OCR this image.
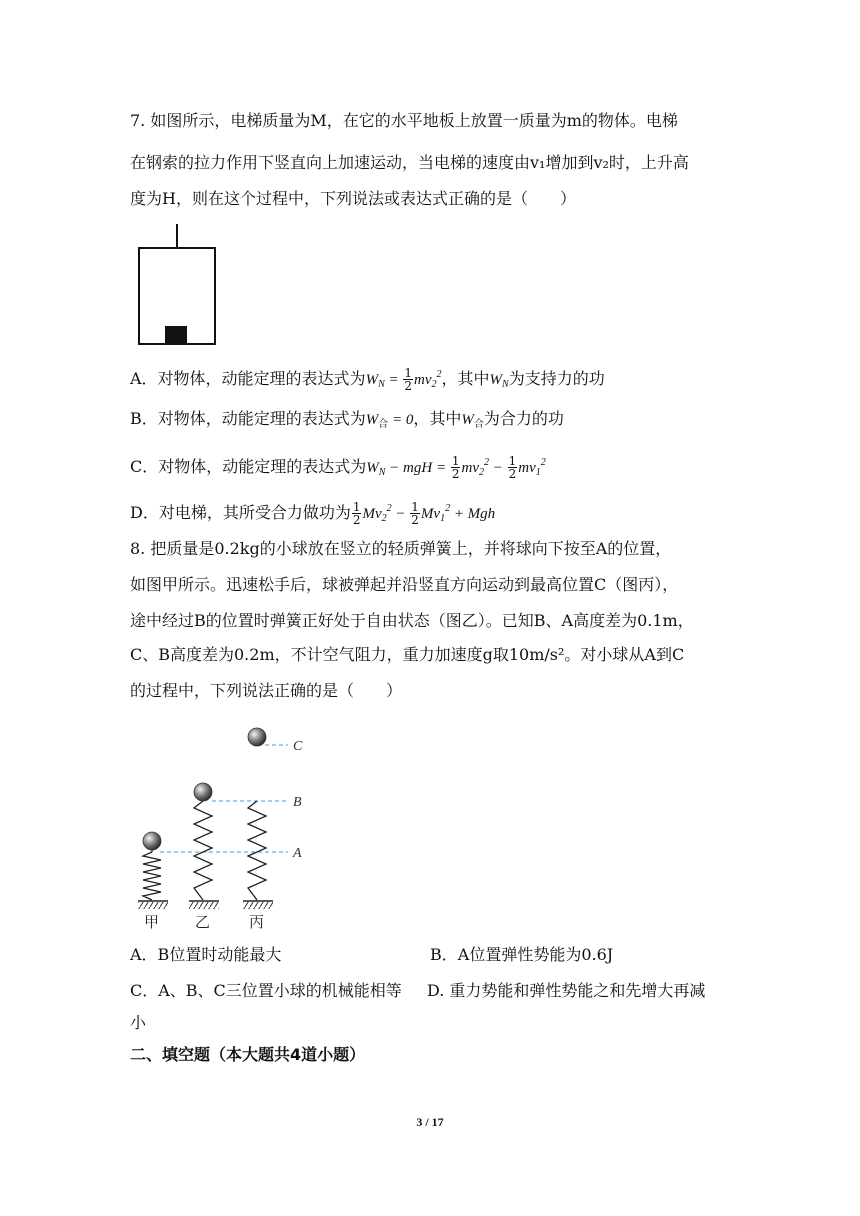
7. 如图所示，电梯质量为M，在它的水平地板上放置一质量为m的物体。电梯
在钢索的拉力作用下竖直向上加速运动，当电梯的速度由v₁增加到v₂时，上升高
度为H，则在这个过程中，下列说法或表达式正确的是（　　）
A．对物体，动能定理的表达式为$W_N = \frac{1}{2} mv_2^2$，其中$W_N$为支持力的功
B．对物体，动能定理的表达式为$W_合 = 0$，其中$W_合$为合力的功
C．对物体，动能定理的表达式为$W_N$ − mgH = $\frac{1}{2} mv_2^2 - \frac{1}{2} mv_1^2$
D．对电梯，其所受合力做功为 $\frac{1}{2} Mv_2^2 - \frac{1}{2} Mv_1^2$ + Mgh
8. 把质量是0.2kg的小球放在竖立的轻质弹簧上，并将球向下按至A的位置，
如图甲所示。迅速松手后，球被弹起并沿竖直方向运动到最高位置C（图丙），
途中经过B的位置时弹簧正好处于自由状态（图乙）。已知B、A高度差为0.1m，
C、B高度差为0.2m，不计空气阻力，重力加速度g取10m/s²。对小球从A到C
的过程中，下列说法正确的是（　　）
C
B
A
甲 乙	丙
A．B位置时动能最大	B．A位置弹性势能为0.6J
C．A、B、C三位置小球的机械能相等 D. 重力势能和弹性势能之和先增大再减
小
二、填空题（本大题共4道小题）
3 / 17
